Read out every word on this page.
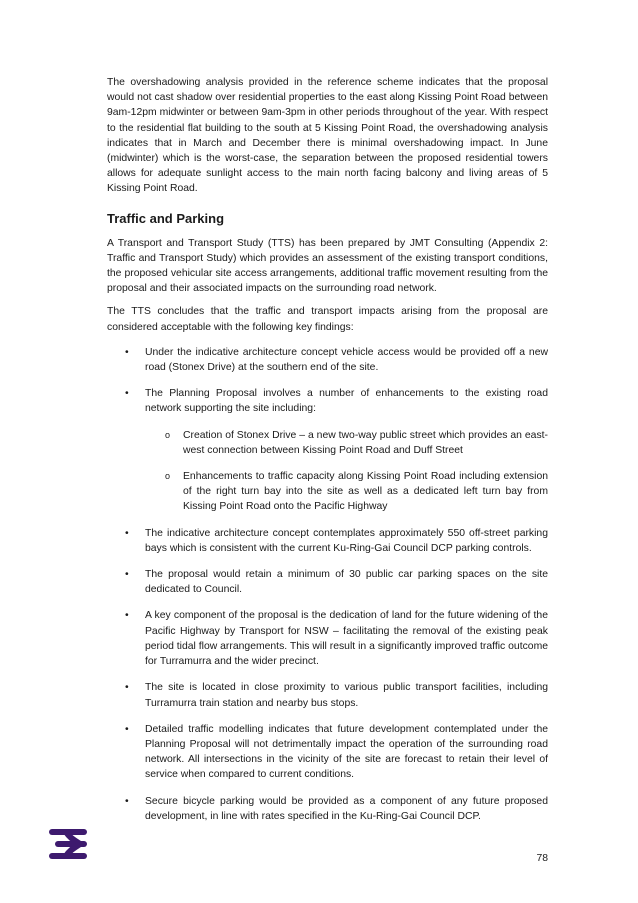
The overshadowing analysis provided in the reference scheme indicates that the proposal would not cast shadow over residential properties to the east along Kissing Point Road between 9am-12pm midwinter or between 9am-3pm in other periods throughout of the year. With respect to the residential flat building to the south at 5 Kissing Point Road, the overshadowing analysis indicates that in March and December there is minimal overshadowing impact. In June (midwinter) which is the worst-case, the separation between the proposed residential towers allows for adequate sunlight access to the main north facing balcony and living areas of 5 Kissing Point Road.

Traffic and Parking

A Transport and Transport Study (TTS) has been prepared by JMT Consulting (Appendix 2: Traffic and Transport Study) which provides an assessment of the existing transport conditions, the proposed vehicular site access arrangements, additional traffic movement resulting from the proposal and their associated impacts on the surrounding road network.

The TTS concludes that the traffic and transport impacts arising from the proposal are considered acceptable with the following key findings:

• Under the indicative architecture concept vehicle access would be provided off a new road (Stonex Drive) at the southern end of the site.
• The Planning Proposal involves a number of enhancements to the existing road network supporting the site including:
o Creation of Stonex Drive – a new two-way public street which provides an east-west connection between Kissing Point Road and Duff Street
o Enhancements to traffic capacity along Kissing Point Road including extension of the right turn bay into the site as well as a dedicated left turn bay from Kissing Point Road onto the Pacific Highway
• The indicative architecture concept contemplates approximately 550 off-street parking bays which is consistent with the current Ku-Ring-Gai Council DCP parking controls.
• The proposal would retain a minimum of 30 public car parking spaces on the site dedicated to Council.
• A key component of the proposal is the dedication of land for the future widening of the Pacific Highway by Transport for NSW – facilitating the removal of the existing peak period tidal flow arrangements. This will result in a significantly improved traffic outcome for Turramurra and the wider precinct.
• The site is located in close proximity to various public transport facilities, including Turramurra train station and nearby bus stops.
• Detailed traffic modelling indicates that future development contemplated under the Planning Proposal will not detrimentally impact the operation of the surrounding road network. All intersections in the vicinity of the site are forecast to retain their level of service when compared to current conditions.
• Secure bicycle parking would be provided as a component of any future proposed development, in line with rates specified in the Ku-Ring-Gai Council DCP.
78
